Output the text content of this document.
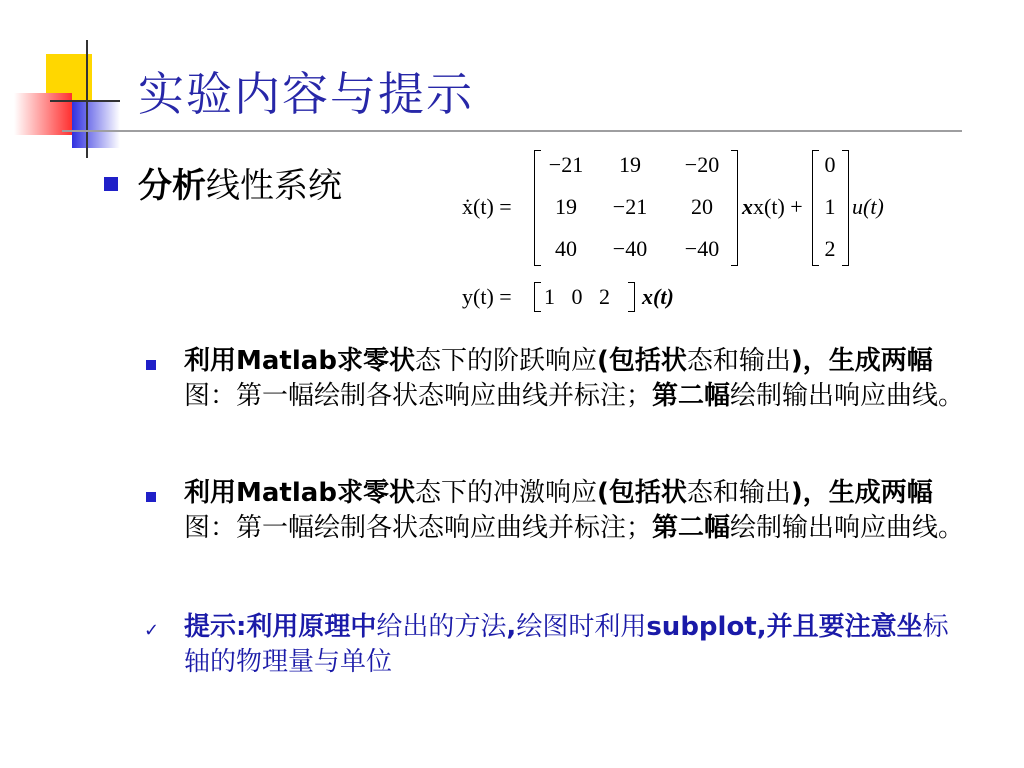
实验内容与提示
分析线性系统
ẋ(t) =
−21	19	−20
19	−21	20
40	−40	−40
xx(t) +
0
1
2
u(t)
y(t) = 1   0   2 x(t)
利用Matlab求零状态下的阶跃响应(包括状态和输出)，生成两幅图：第一幅绘制各状态响应曲线并标注；第二幅绘制输出响应曲线。
利用Matlab求零状态下的冲激响应(包括状态和输出)，生成两幅图：第一幅绘制各状态响应曲线并标注；第二幅绘制输出响应曲线。
✓ 提示:利用原理中给出的方法,绘图时利用subplot,并且要注意坐标轴的物理量与单位
